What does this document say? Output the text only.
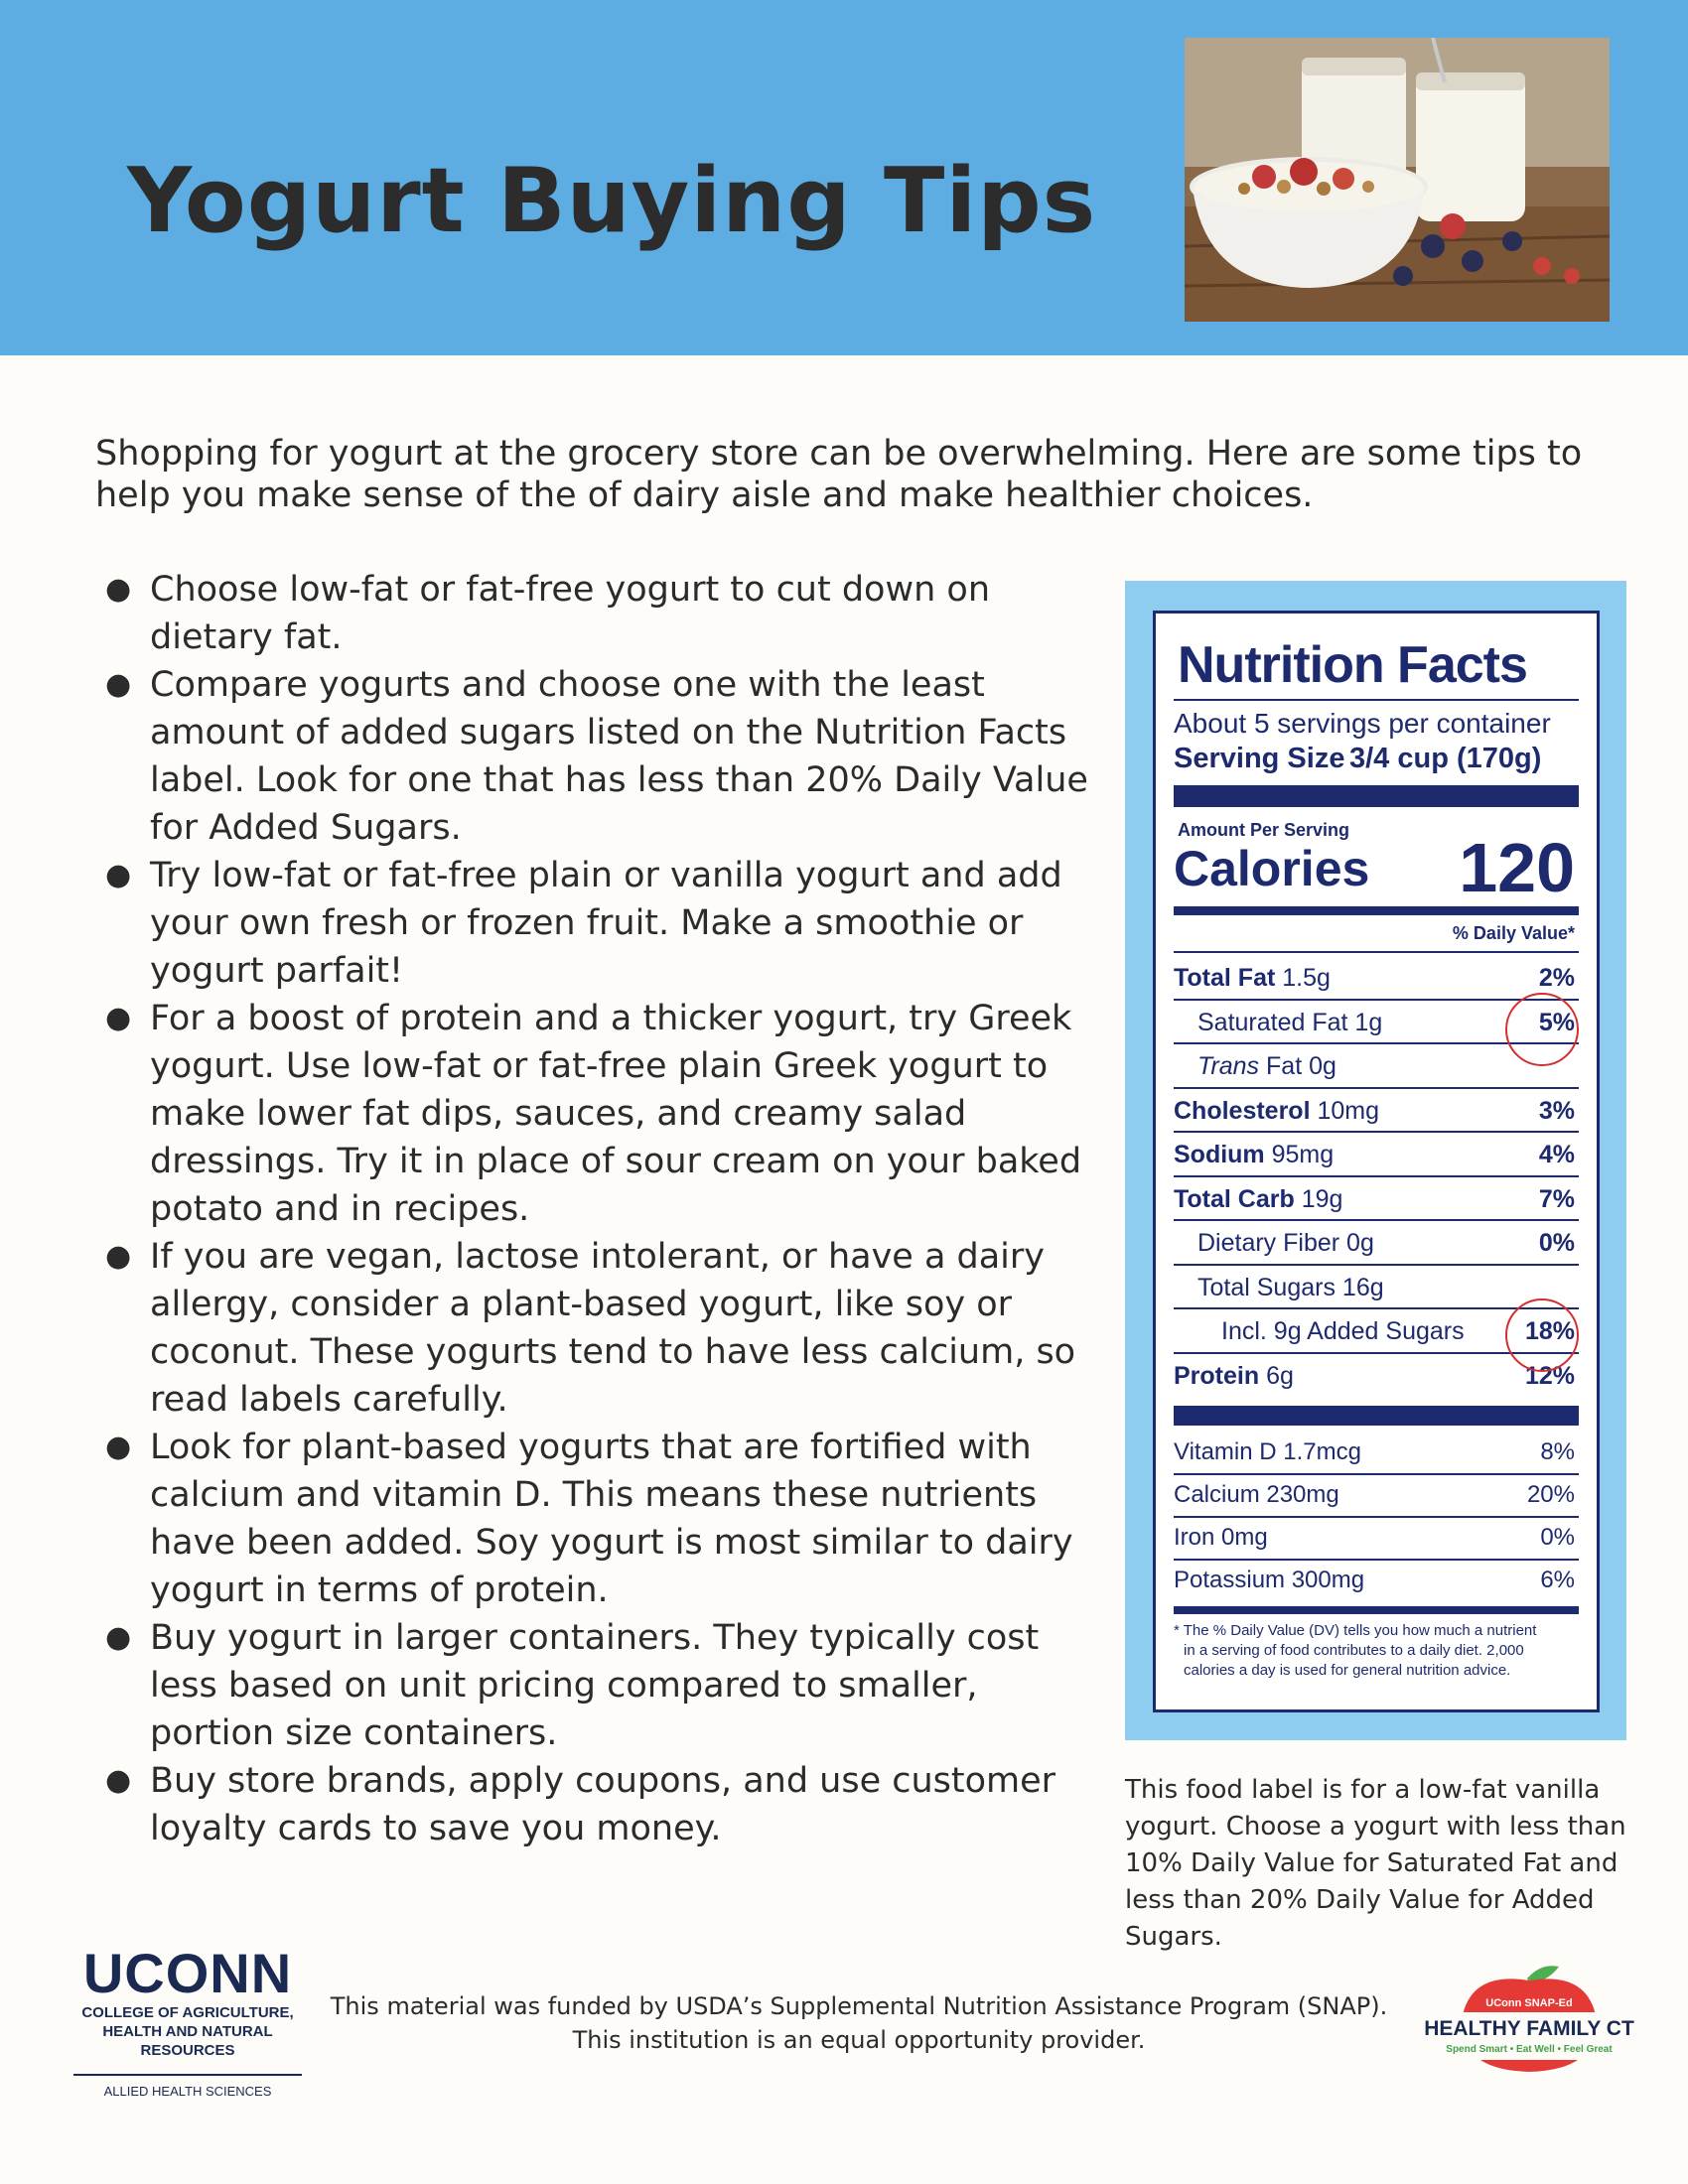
Yogurt Buying Tips
Shopping for yogurt at the grocery store can be overwhelming. Here are some tips to help you make sense of the of dairy aisle and make healthier choices.
● Choose low-fat or fat-free yogurt to cut down on dietary fat.
● Compare yogurts and choose one with the least amount of added sugars listed on the Nutrition Facts label. Look for one that has less than 20% Daily Value for Added Sugars.
● Try low-fat or fat-free plain or vanilla yogurt and add your own fresh or frozen fruit. Make a smoothie or yogurt parfait!
● For a boost of protein and a thicker yogurt, try Greek yogurt. Use low-fat or fat-free plain Greek yogurt to make lower fat dips, sauces, and creamy salad dressings. Try it in place of sour cream on your baked potato and in recipes.
● If you are vegan, lactose intolerant, or have a dairy allergy, consider a plant-based yogurt, like soy or coconut. These yogurts tend to have less calcium, so read labels carefully.
● Look for plant-based yogurts that are fortified with calcium and vitamin D. This means these nutrients have been added. Soy yogurt is most similar to dairy yogurt in terms of protein.
● Buy yogurt in larger containers. They typically cost less based on unit pricing compared to smaller, portion size containers.
● Buy store brands, apply coupons, and use customer loyalty cards to save you money.
Nutrition Facts
About 5 servings per container
Serving Size 3/4 cup (170g)
Amount Per Serving
Calories 120
% Daily Value*
Total Fat 1.5g	2%
Saturated Fat 1g	5%
Trans Fat 0g
Cholesterol 10mg	3%
Sodium 95mg	4%
Total Carb 19g	7%
Dietary Fiber 0g	0%
Total Sugars 16g
Incl. 9g Added Sugars 18%
Protein 6g	12%
Vitamin D 1.7mcg	8%
Calcium 230mg	20%
Iron 0mg	0%
Potassium 300mg	6%
* The % Daily Value (DV) tells you how much a nutrient
in a serving of food contributes to a daily diet. 2,000
calories a day is used for general nutrition advice.
This food label is for a low-fat vanilla yogurt. Choose a yogurt with less than 10% Daily Value for Saturated Fat and less than 20% Daily Value for Added Sugars.
UCONN
COLLEGE OF AGRICULTURE,
HEALTH AND NATURAL
RESOURCES
ALLIED HEALTH SCIENCES
This material was funded by USDA’s Supplemental Nutrition Assistance Program (SNAP).
This institution is an equal opportunity provider.
UConn SNAP-Ed
HEALTHY FAMILY CT
Spend Smart • Eat Well • Feel Great
